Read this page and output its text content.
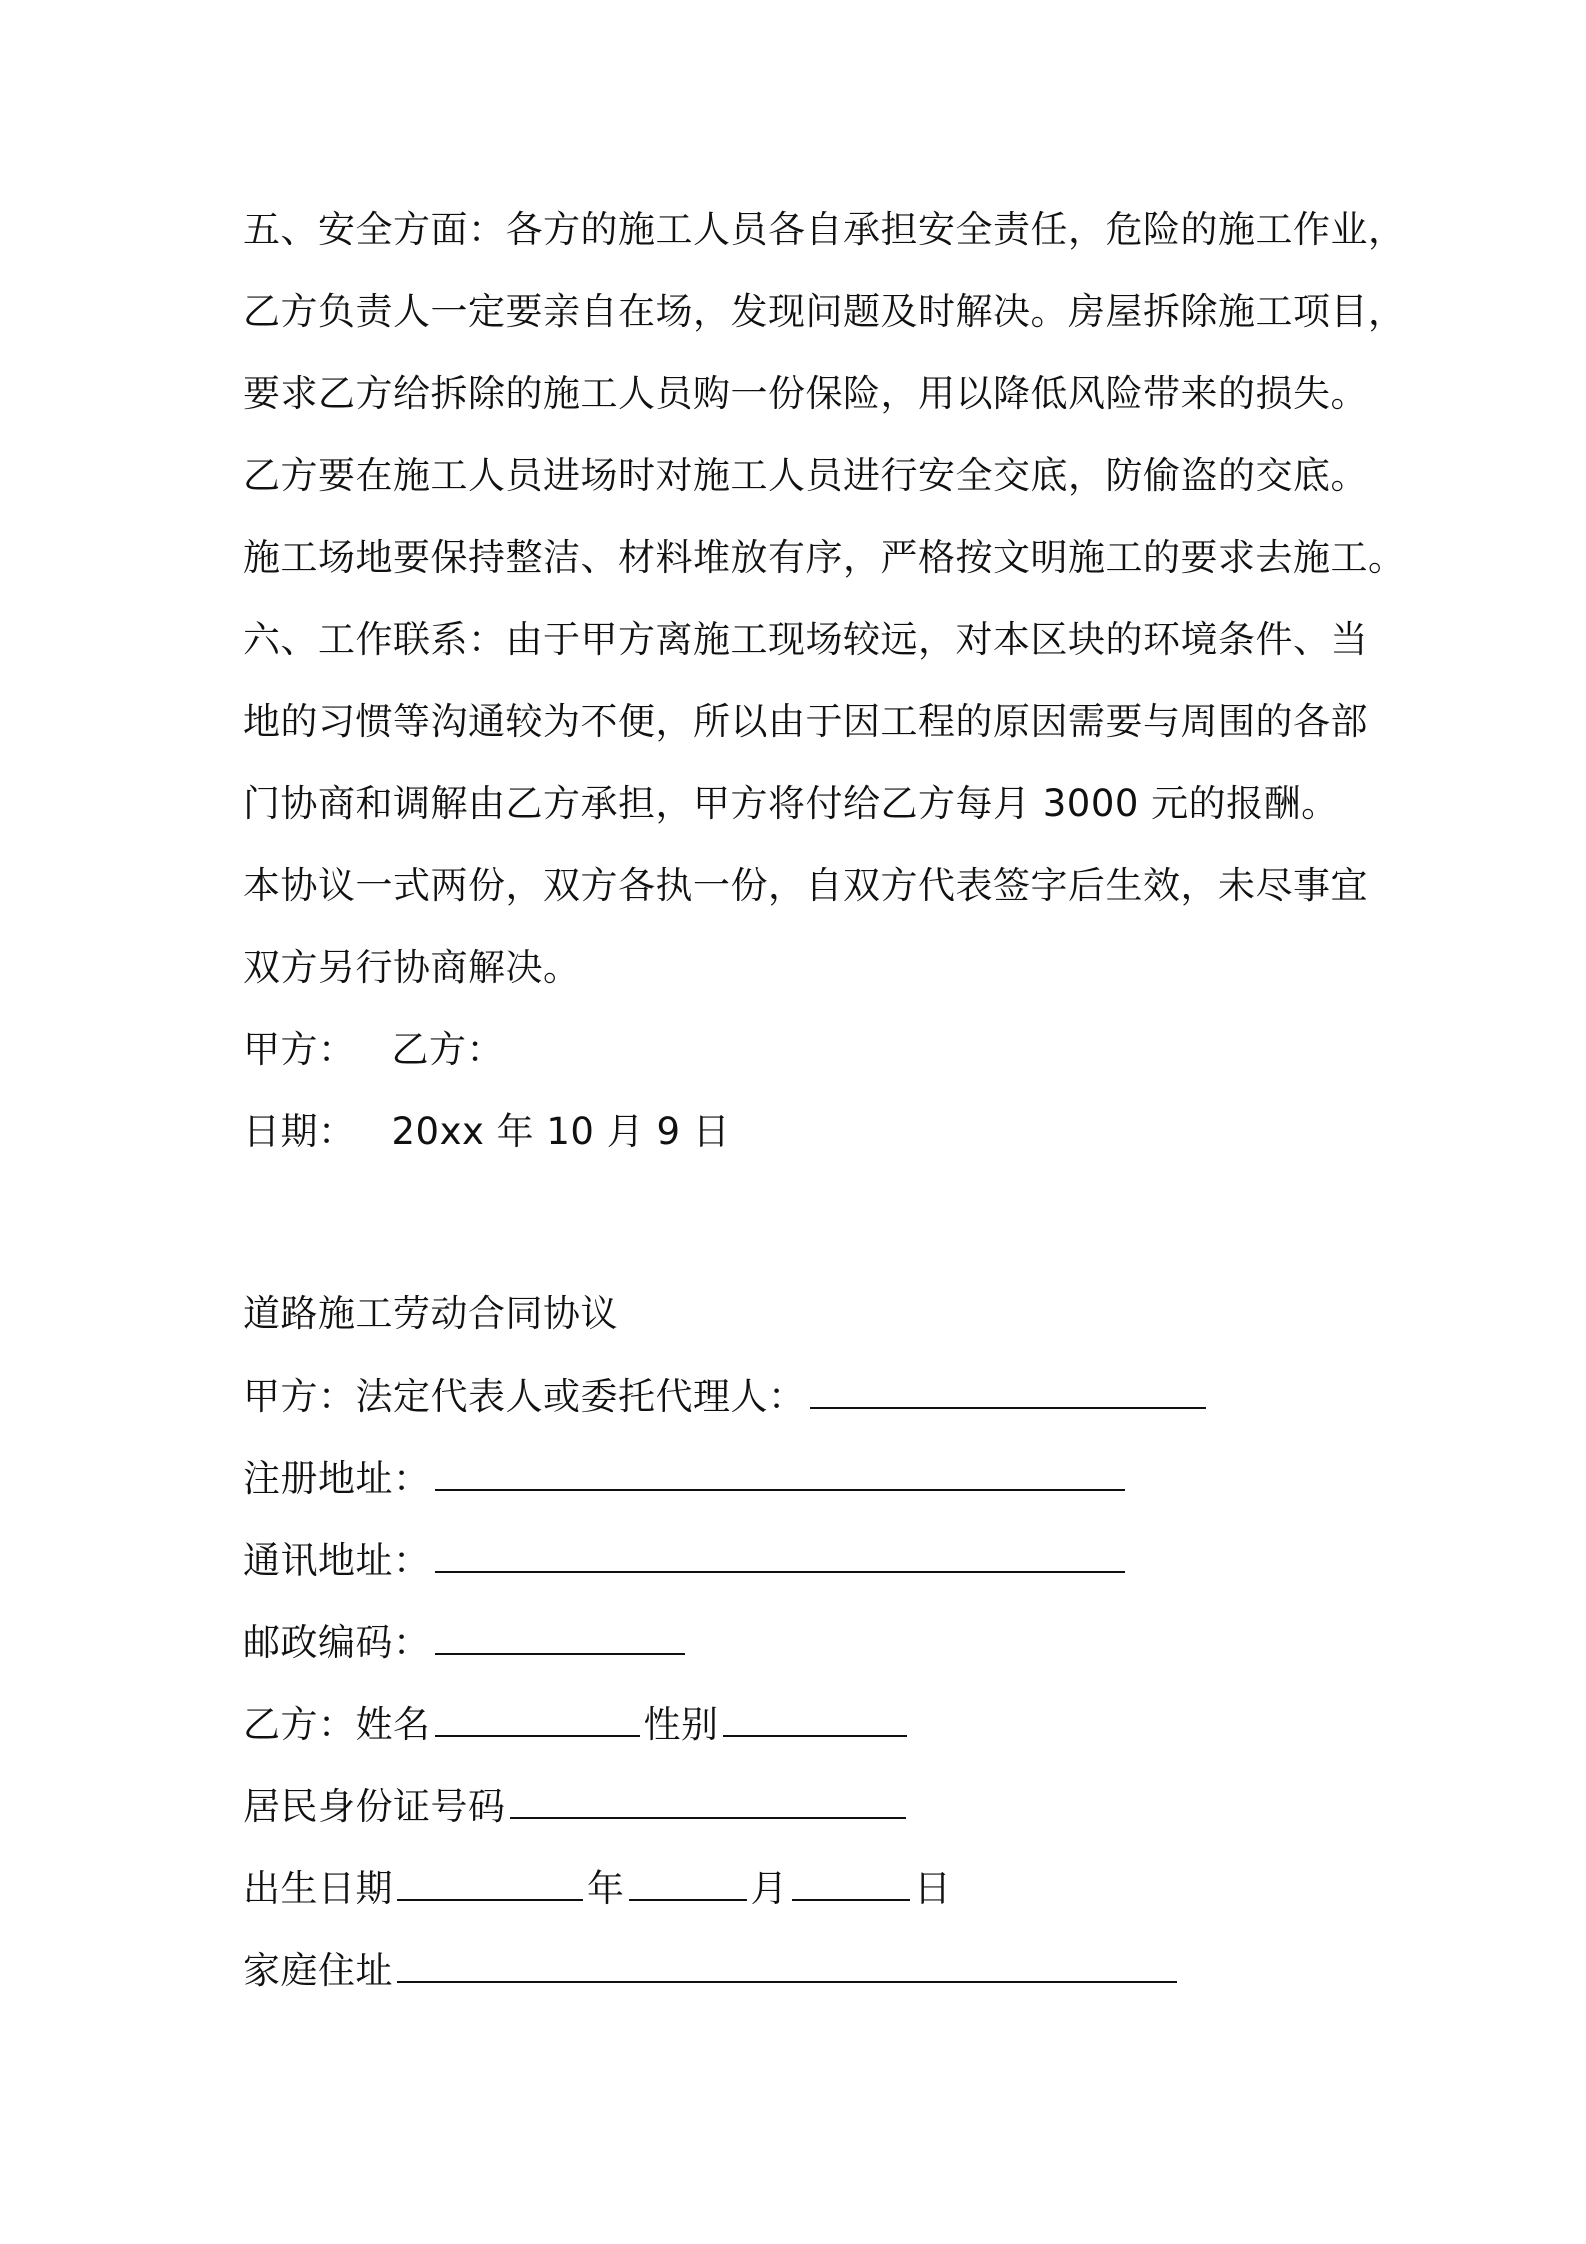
五、安全方面：各方的施工人员各自承担安全责任，危险的施工作业，
乙方负责人一定要亲自在场，发现问题及时解决。房屋拆除施工项目，
要求乙方给拆除的施工人员购一份保险，用以降低风险带来的损失。
乙方要在施工人员进场时对施工人员进行安全交底，防偷盗的交底。
施工场地要保持整洁、材料堆放有序，严格按文明施工的要求去施工。
六、工作联系：由于甲方离施工现场较远，对本区块的环境条件、当
地的习惯等沟通较为不便，所以由于因工程的原因需要与周围的各部
门协商和调解由乙方承担，甲方将付给乙方每月 3000 元的报酬。
本协议一式两份，双方各执一份，自双方代表签字后生效，未尽事宜
双方另行协商解决。
甲方： 乙方：
日期： 20xx 年 10 月 9 日
道路施工劳动合同协议
甲方：法定代表人或委托代理人：
注册地址：
通讯地址：
邮政编码：
乙方：姓名	性别
居民身份证号码
出生日期	年	月	日
家庭住址
